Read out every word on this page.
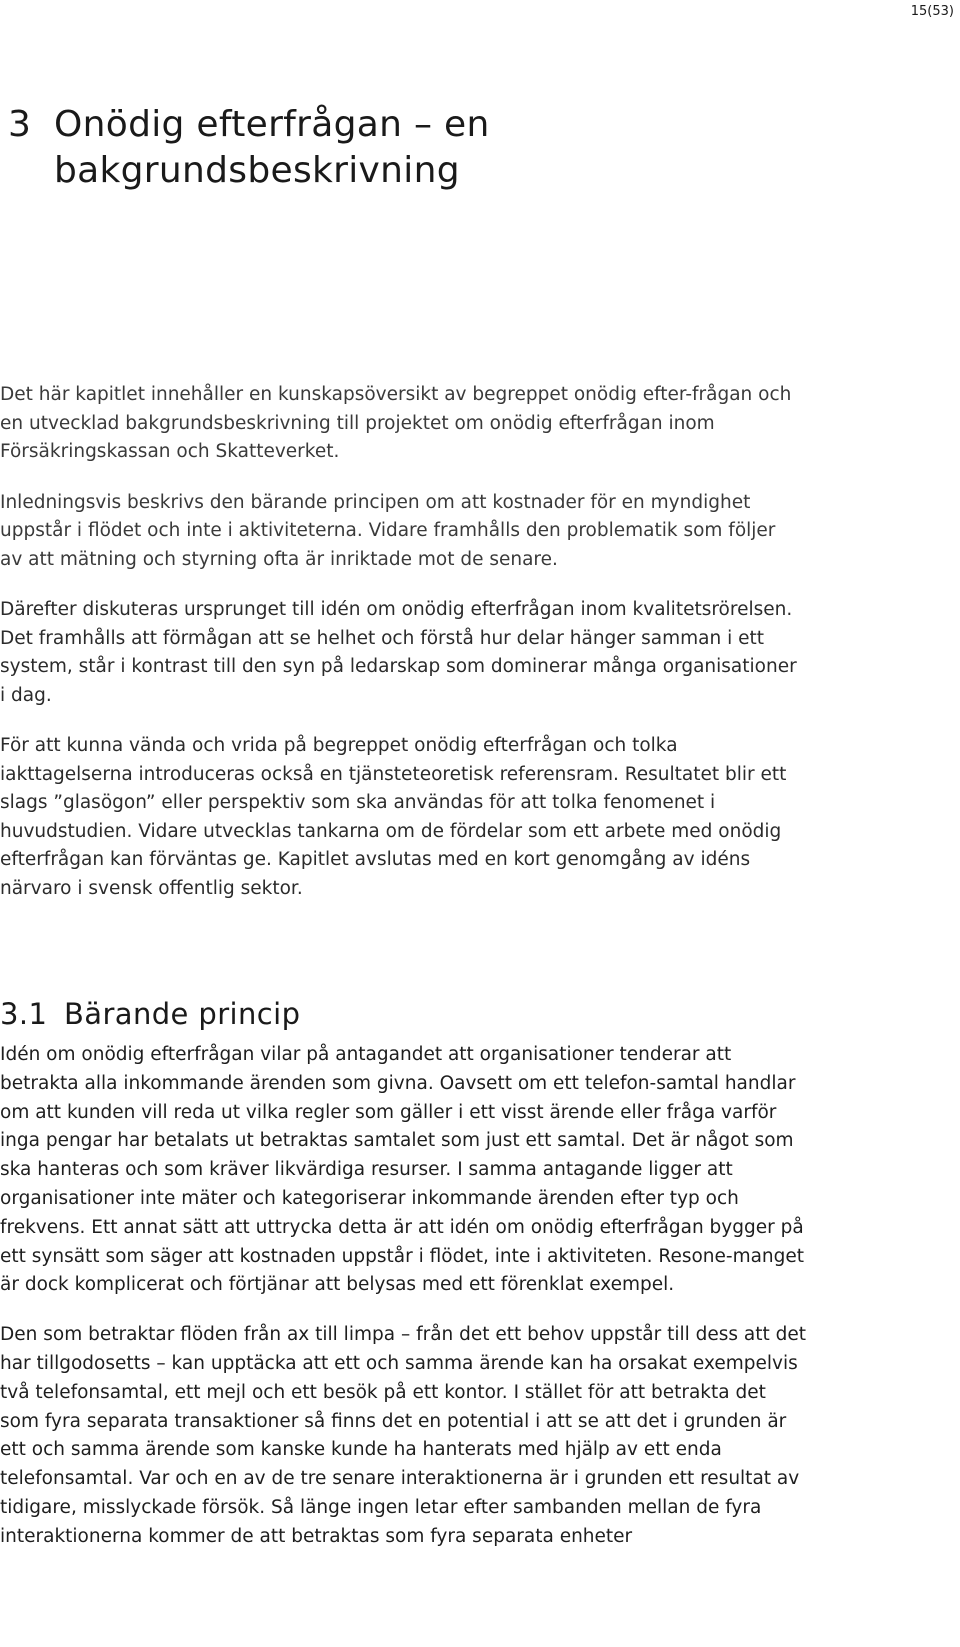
15(53)
3 Onödig efterfrågan – en
bakgrundsbeskrivning

Det här kapitlet innehåller en kunskapsöversikt av begreppet onödig efter-frågan och en utvecklad bakgrundsbeskrivning till projektet om onödig efterfrågan inom Försäkringskassan och Skatteverket.

Inledningsvis beskrivs den bärande principen om att kostnader för en myndighet uppstår i flödet och inte i aktiviteterna. Vidare framhålls den problematik som följer av att mätning och styrning ofta är inriktade mot de senare.

Därefter diskuteras ursprunget till idén om onödig efterfrågan inom kvalitetsrörelsen. Det framhålls att förmågan att se helhet och förstå hur delar hänger samman i ett system, står i kontrast till den syn på ledarskap som dominerar många organisationer i dag.

För att kunna vända och vrida på begreppet onödig efterfrågan och tolka iakttagelserna introduceras också en tjänsteteoretisk referensram. Resultatet blir ett slags ”glasögon” eller perspektiv som ska användas för att tolka fenomenet i huvudstudien. Vidare utvecklas tankarna om de fördelar som ett arbete med onödig efterfrågan kan förväntas ge. Kapitlet avslutas med en kort genomgång av idéns närvaro i svensk offentlig sektor.

3.1 Bärande princip

Idén om onödig efterfrågan vilar på antagandet att organisationer tenderar att betrakta alla inkommande ärenden som givna. Oavsett om ett telefon-samtal handlar om att kunden vill reda ut vilka regler som gäller i ett visst ärende eller fråga varför inga pengar har betalats ut betraktas samtalet som just ett samtal. Det är något som ska hanteras och som kräver likvärdiga resurser. I samma antagande ligger att organisationer inte mäter och kategoriserar inkommande ärenden efter typ och frekvens. Ett annat sätt att uttrycka detta är att idén om onödig efterfrågan bygger på ett synsätt som säger att kostnaden uppstår i flödet, inte i aktiviteten. Resone-manget är dock komplicerat och förtjänar att belysas med ett förenklat exempel.

Den som betraktar flöden från ax till limpa – från det ett behov uppstår till dess att det har tillgodosetts – kan upptäcka att ett och samma ärende kan ha orsakat exempelvis två telefonsamtal, ett mejl och ett besök på ett kontor. I stället för att betrakta det som fyra separata transaktioner så finns det en potential i att se att det i grunden är ett och samma ärende som kanske kunde ha hanterats med hjälp av ett enda telefonsamtal. Var och en av de tre senare interaktionerna är i grunden ett resultat av tidigare, misslyckade försök. Så länge ingen letar efter sambanden mellan de fyra interaktionerna kommer de att betraktas som fyra separata enheter
